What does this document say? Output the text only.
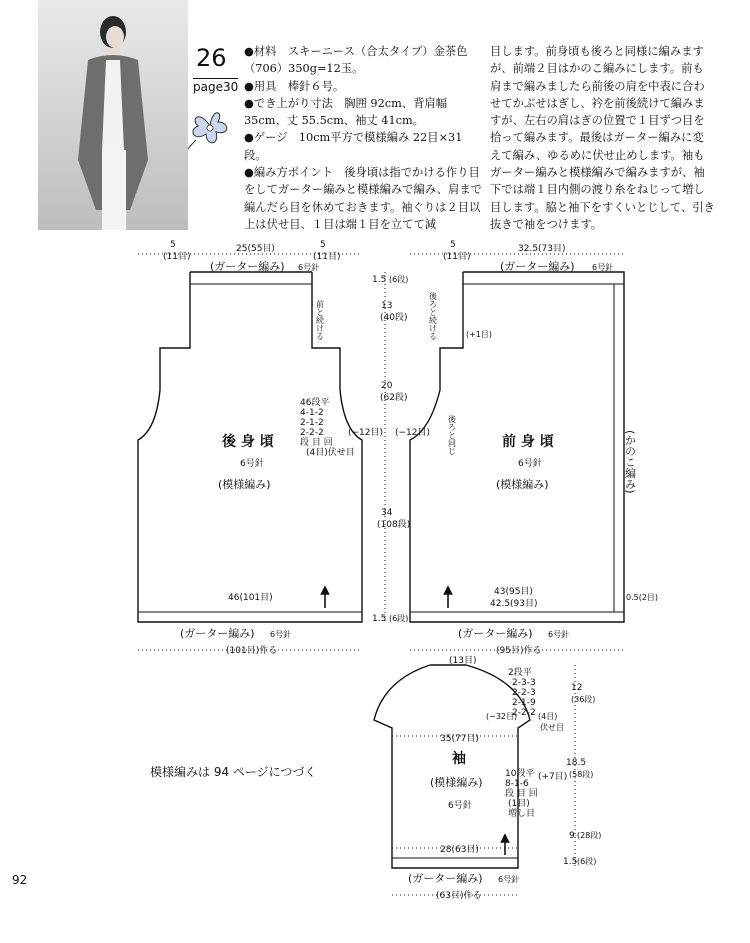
26
page30

●材料　スキーニース（合太タイプ）金茶色（706）350g=12玉。

●用具　棒針６号。

●でき上がり寸法　胸囲 92cm、背肩幅 35cm、丈 55.5cm、袖丈 41cm。

●ゲージ　10cm平方で模様編み 22目×31段。

●編み方ポイント　後身頃は指でかける作り目をしてガーター編みと模様編みで編み、肩まで編んだら目を休めておきます。袖ぐりは２目以上は伏せ目、１目は端１目を立てて減

目します。前身頃も後ろと同様に編みますが、前端２目はかのこ編みにします。前も肩まで編みましたら前後の肩を中表に合わせてかぶせはぎし、衿を前後続けて編みますが、左右の肩はぎの位置で１目ずつ目を拾って編みます。最後はガーター編みに変えて編み、ゆるめに伏せ止めします。袖もガーター編みと模様編みで編みますが、袖下では端１目内側の渡り糸をねじって増し目します。脇と袖下をすくいとじして、引き抜きで袖をつけます。

5
(11目)
25(55目)	5
(11目)
(ガーター編み) 6号針
前と続ける
46段平
4-1-2
2-1-2
2-2-2
段 目 回
(4目)伏せ目
(−12目)
後 身 頃
6号針
(模様編み)
46(101目)
(ガーター編み) 6号針
(101目)作る
1.5 (6段)
13
(40段)
20
(62段)
34
(108段)
1.5 (6段)
5
(11目)
32.5(73目)
(ガーター編み) 6号針
後ろと続ける	(+1目)
後ろと同じ
(−12目)
前 身 頃
6号針
(模様編み)	(かのこ編み)
43(95目)
42.5(93目)
0.5(2目)
(ガーター編み) 6号針
(95目)作る
(13目)
2段平
2-3-3
2-2-3
2-1-9
2-2-2
(−32目)	(4目)
伏せ目
35(77目)
袖
(模様編み)
6号針
10段平
8-1-6
段 目 回
(1目)
増し目
(+7目)
12
(36段)
18.5
(58段)
9 (28段)
1.5 (6段)
28(63目)
(ガーター編み) 6号針
(63目)作る
模様編みは 94 ページにつづく
92
